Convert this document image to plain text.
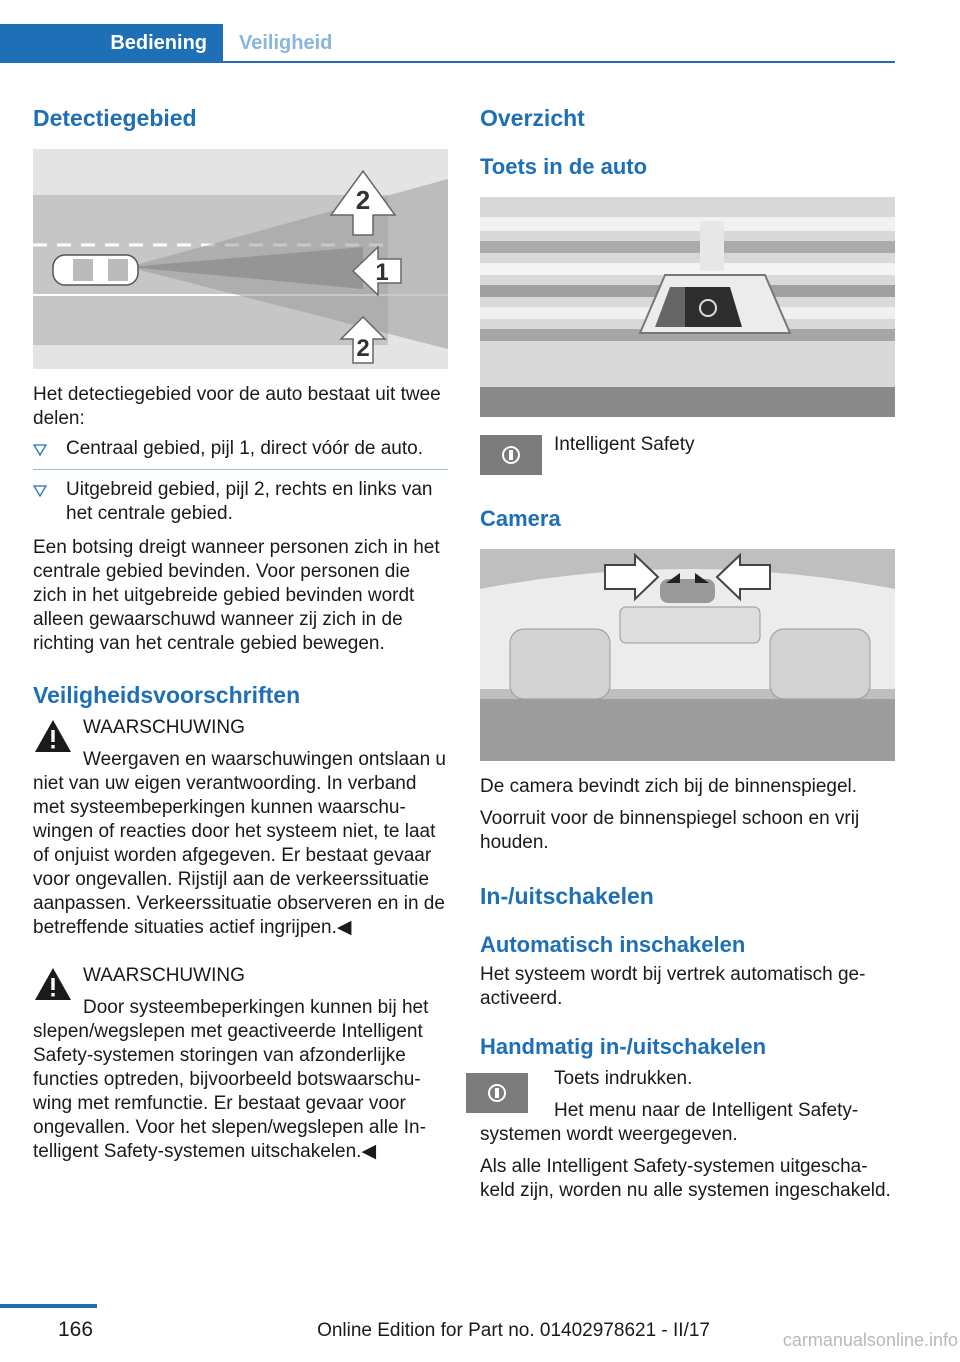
Bediening	Veiligheid
Detectiegebied
2
1
2

Het detectiegebied voor de auto bestaat uit twee delen:

Centraal gebied, pijl 1, direct vóór de auto.
Uitgebreid gebied, pijl 2, rechts en links van het centrale gebied.

Een botsing dreigt wanneer personen zich in het centrale gebied bevinden. Voor personen die zich in het uitgebreide gebied bevinden wordt alleen gewaarschuwd wanneer zij zich in de richting van het centrale gebied bewegen.

Veiligheidsvoorschriften
WAARSCHUWING
Weergaven en waarschuwingen ontslaan u niet van uw eigen verantwoording. In verband met systeembeperkingen kunnen waarschuwingen of reacties door het systeem niet, te laat of onjuist worden afgegeven. Er bestaat gevaar voor ongevallen. Rijstijl aan de verkeerssituatie aanpassen. Verkeerssituatie observeren en in de betreffende situaties actief ingrijpen.◀
WAARSCHUWING
Door systeembeperkingen kunnen bij het slepen/wegslepen met geactiveerde Intelligent Safety-systemen storingen van afzonderlijke functies optreden, bijvoorbeeld botswaarschuwing met remfunctie. Er bestaat gevaar voor ongevallen. Voor het slepen/wegslepen alle Intelligent Safety-systemen uitschakelen.◀
Overzicht
Toets in de auto
Intelligent Safety
Camera

De camera bevindt zich bij de binnenspiegel.

Voorruit voor de binnenspiegel schoon en vrij houden.

In-/uitschakelen
Automatisch inschakelen

Het systeem wordt bij vertrek automatisch geactiveerd.

Handmatig in-/uitschakelen
Toets indrukken.
Het menu naar de Intelligent Safety-systemen wordt weergegeven.

Als alle Intelligent Safety-systemen uitgeschakeld zijn, worden nu alle systemen ingeschakeld.

166	Online Edition for Part no. 01402978621 - II/17	carmanualsonline.info
